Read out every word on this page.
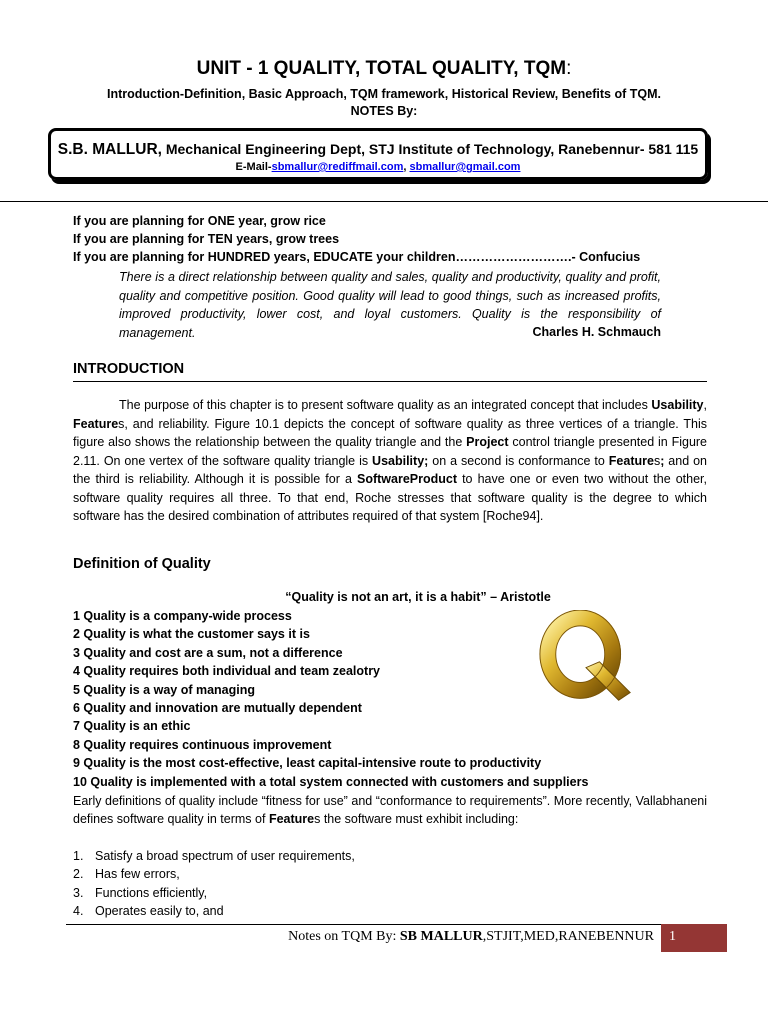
UNIT - 1 QUALITY, TOTAL QUALITY, TQM:
Introduction-Definition, Basic Approach, TQM framework, Historical Review, Benefits of TQM.
NOTES By:
S.B. MALLUR, Mechanical Engineering Dept, STJ Institute of Technology, Ranebennur- 581 115
E-Mail-sbmallur@rediffmail.com, sbmallur@gmail.com
If you are planning for ONE year, grow rice
If you are planning for TEN years, grow trees
If you are planning for HUNDRED years, EDUCATE your children……………………….- Confucius
There is a direct relationship between quality and sales, quality and productivity, quality and profit, quality and competitive position. Good quality will lead to good things, such as increased profits, improved productivity, lower cost, and loyal customers. Quality is the responsibility of management.	Charles H. Schmauch
INTRODUCTION
The purpose of this chapter is to present software quality as an integrated concept that includes Usability, Features, and reliability. Figure 10.1 depicts the concept of software quality as three vertices of a triangle. This figure also shows the relationship between the quality triangle and the Project control triangle presented in Figure 2.11. On one vertex of the software quality triangle is Usability; on a second is conformance to Features; and on the third is reliability. Although it is possible for a SoftwareProduct to have one or even two without the other, software quality requires all three. To that end, Roche stresses that software quality is the degree to which software has the desired combination of attributes required of that system [Roche94].
Definition of Quality
“Quality is not an art, it is a habit” – Aristotle
1 Quality is a company-wide process
2 Quality is what the customer says it is
3 Quality and cost are a sum, not a difference
4 Quality requires both individual and team zealotry
5 Quality is a way of managing
6 Quality and innovation are mutually dependent
7 Quality is an ethic
8 Quality requires continuous improvement
9 Quality is the most cost-effective, least capital-intensive route to productivity
10 Quality is implemented with a total system connected with customers and suppliers
Early definitions of quality include “fitness for use” and “conformance to requirements”. More recently, Vallabhaneni defines software quality in terms of Features the software must exhibit including:
1. Satisfy a broad spectrum of user requirements,
2. Has few errors,
3. Functions efficiently,
4. Operates easily to, and
Notes on TQM By: SB MALLUR,STJIT,MED,RANEBENNUR	1
